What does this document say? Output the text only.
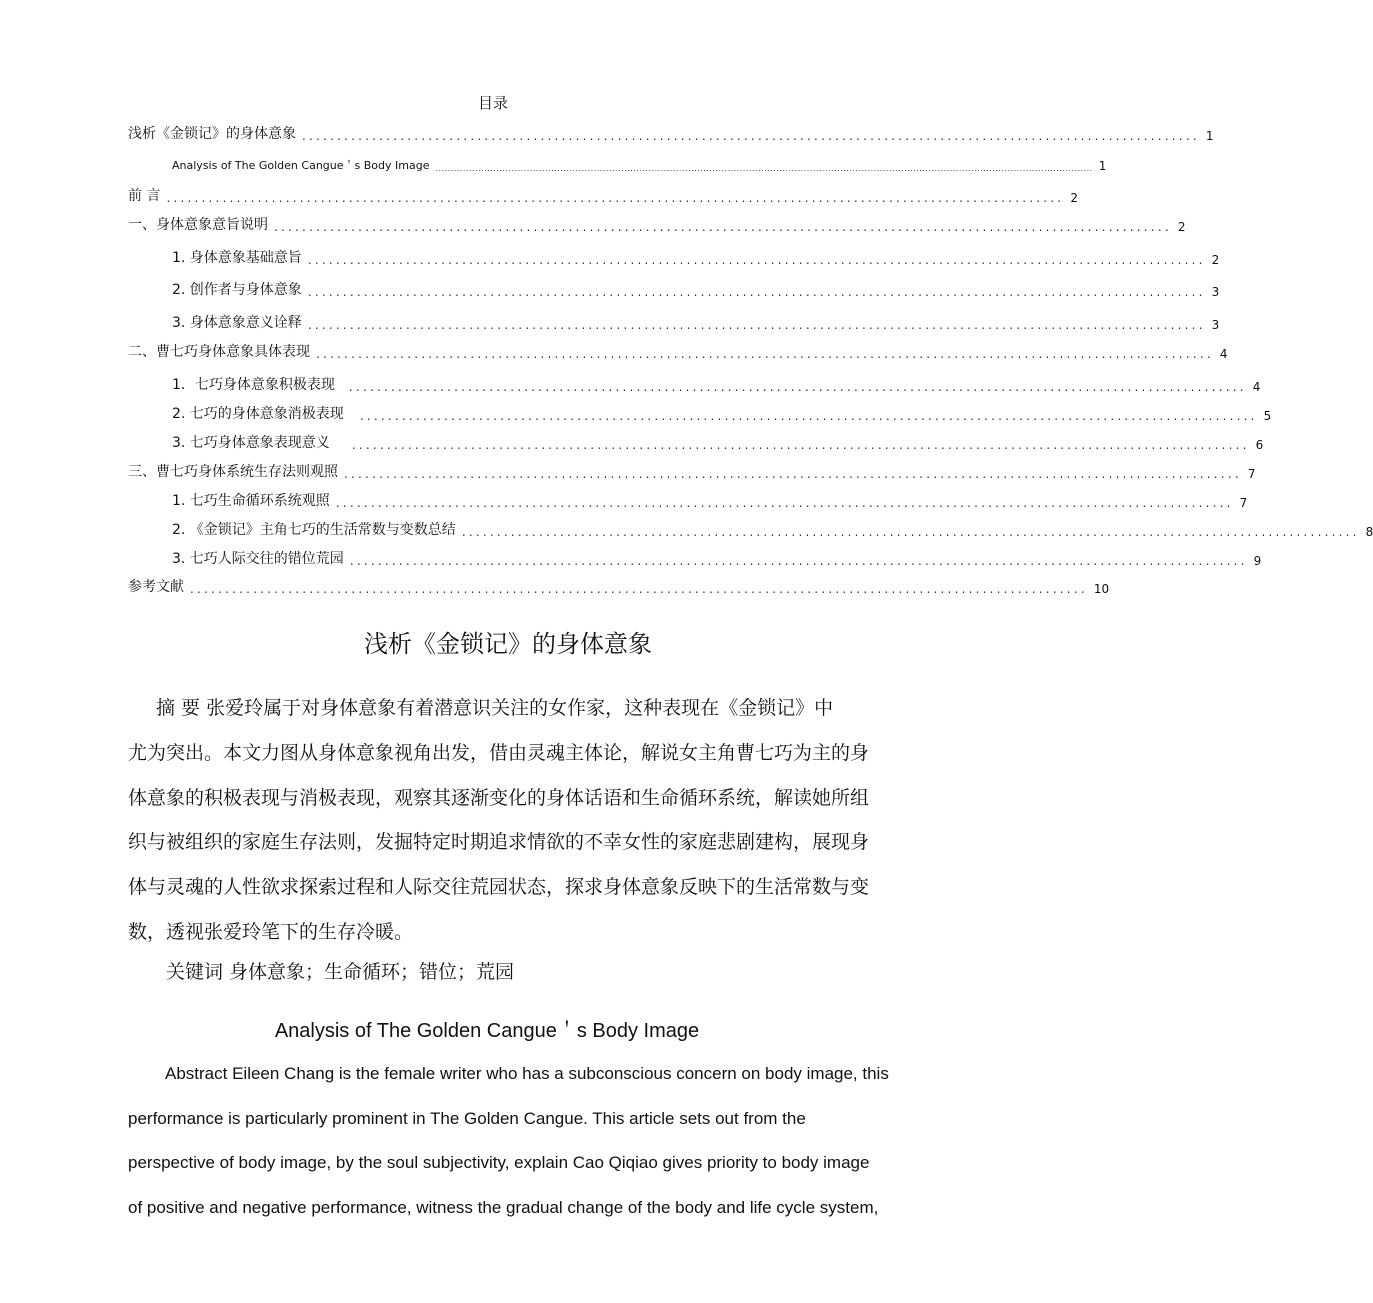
目录
浅析《金锁记》的身体意象 ................................................................................................................................ 1
Analysis of The Golden Cangue＇s Body Image ........................................................................................................................................................................................................................ 1
前 言 ................................................................................................................................ 2
一、身体意象意旨说明 ................................................................................................................................ 2
1. 身体意象基础意旨 ................................................................................................................................ 2
2. 创作者与身体意象 ................................................................................................................................ 3
3. 身体意象意义诠释 ................................................................................................................................ 3
二、曹七巧身体意象具体表现 ................................................................................................................................ 4
1．七巧身体意象积极表现 ................................................................................................................................ 4
2. 七巧的身体意象消极表现 ................................................................................................................................ 5
3. 七巧身体意象表现意义 ................................................................................................................................ 6
三、曹七巧身体系统生存法则观照 ................................................................................................................................ 7
1. 七巧生命循环系统观照 ................................................................................................................................ 7
2. 《金锁记》主角七巧的生活常数与变数总结 ................................................................................................................................ 8
3. 七巧人际交往的错位荒园 ................................................................................................................................ 9
参考文献 ................................................................................................................................ 10
浅析《金锁记》的身体意象
摘 要 张爱玲属于对身体意象有着潜意识关注的女作家，这种表现在《金锁记》中
尤为突出。本文力图从身体意象视角出发，借由灵魂主体论，解说女主角曹七巧为主的身
体意象的积极表现与消极表现，观察其逐渐变化的身体话语和生命循环系统，解读她所组
织与被组织的家庭生存法则，发掘特定时期追求情欲的不幸女性的家庭悲剧建构，展现身
体与灵魂的人性欲求探索过程和人际交往荒园状态，探求身体意象反映下的生活常数与变
数，透视张爱玲笔下的生存冷暖。
关键词 身体意象；生命循环；错位；荒园
Analysis of The Golden Cangue＇s Body Image
Abstract Eileen Chang is the female writer who has a subconscious concern on body image, this
performance is particularly prominent in The Golden Cangue. This article sets out from the
perspective of body image, by the soul subjectivity, explain Cao Qiqiao gives priority to body image
of positive and negative performance, witness the gradual change of the body and life cycle system,
